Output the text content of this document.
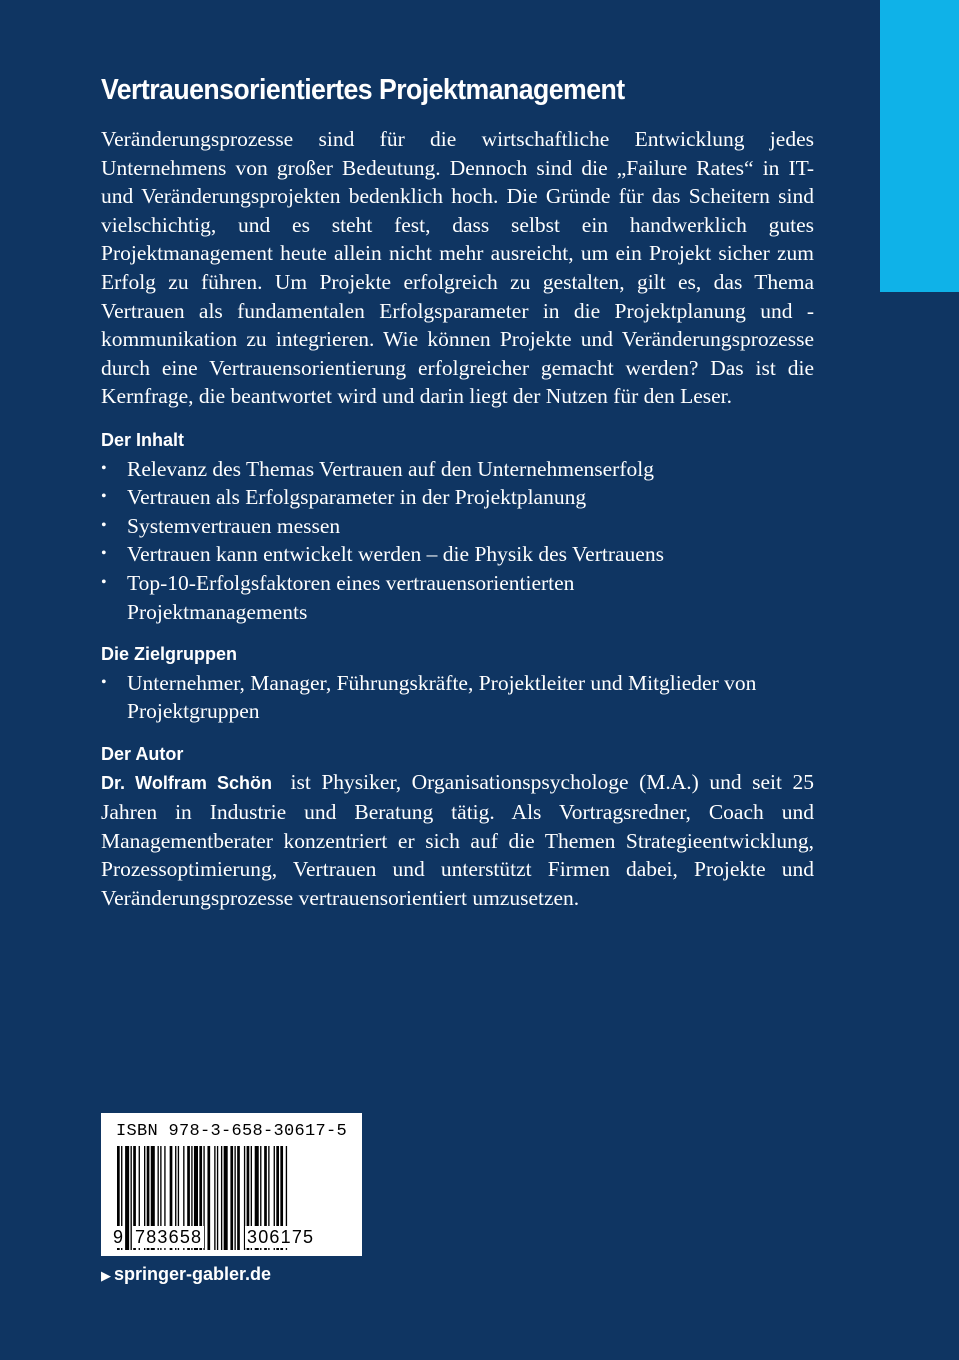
Vertrauensorientiertes Projektmanagement

Veränderungsprozesse sind für die wirtschaftliche Entwicklung jedes Unternehmens von großer Bedeutung. Dennoch sind die „Failure Rates“ in IT- und Veränderungsprojekten bedenklich hoch. Die Gründe für das Scheitern sind vielschichtig, und es steht fest, dass selbst ein handwerklich gutes Projektmanagement heute allein nicht mehr ausreicht, um ein Projekt sicher zum Erfolg zu führen. Um Projekte erfolgreich zu gestalten, gilt es, das Thema Vertrauen als fundamentalen Erfolgsparameter in die Projektplanung und -kommunikation zu integrieren. Wie können Projekte und Veränderungsprozesse durch eine Vertrauensorientierung erfolgreicher gemacht werden? Das ist die Kernfrage, die beantwortet wird und darin liegt der Nutzen für den Leser.

Der Inhalt
• Relevanz des Themas Vertrauen auf den Unternehmenserfolg
• Vertrauen als Erfolgsparameter in der Projektplanung
• Systemvertrauen messen
• Vertrauen kann entwickelt werden – die Physik des Vertrauens
• Top-10-Erfolgsfaktoren eines vertrauensorientierten Projektmanagements
Die Zielgruppen
• Unternehmer, Manager, Führungskräfte, Projektleiter und Mitglieder von Projektgruppen
Der Autor

Dr. Wolfram Schön ist Physiker, Organisationspsychologe (M.A.) und seit 25 Jahren in Industrie und Beratung tätig. Als Vortragsredner, Coach und Managementberater konzentriert er sich auf die Themen Strategieentwicklung, Prozessoptimierung, Vertrauen und unterstützt Firmen dabei, Projekte und Veränderungsprozesse vertrauensorientiert umzusetzen.

ISBN 978-3-658-30617-5
9 783658 306175
▶ springer-gabler.de
